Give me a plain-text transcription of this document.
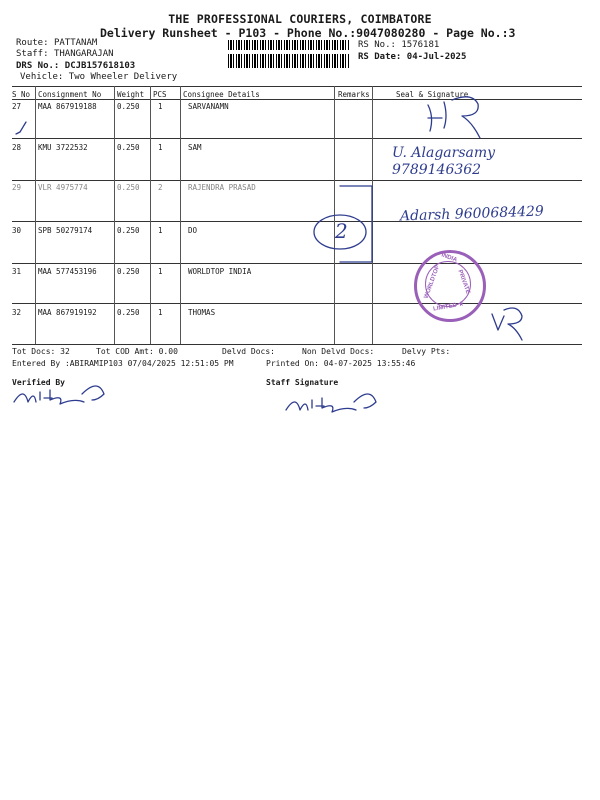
THE PROFESSIONAL COURIERS, COIMBATORE
Delivery Runsheet - P103 - Phone No.:9047080280 - Page No.:3
Route: PATTANAM
Staff: THANGARAJAN
DRS No.: DCJB157618103
Vehicle: Two Wheeler Delivery
RS No.: 1576181
RS Date: 04-Jul-2025
S No Consignment No Weight PCS Consignee Details	Remarks	Seal & Signature
27 MAA 867919188	0.250 1	SARVANAMN
28 KMU 3722532	0.250 1	SAM
29 VLR 4975774	0.250 2	RAJENDRA PRASAD
30 SPB 50279174	0.250 1	DO
31 MAA 577453196	0.250 1	WORLDTOP INDIA
32 MAA 867919192	0.250 1	THOMAS
Tot Docs: 32	Tot COD Amt: 0.00	Delvd Docs:	Non Delvd Docs:	Delvy Pts:
Entered By :ABIRAMIP103 07/04/2025 12:51:05 PM	Printed On: 04-07-2025 13:55:46
Verified By	Staff Signature
U. Alagarsamy
9789146362
Adarsh 9600684429
2
WORLDTOP
INDIA
PRIVATE
LIMITED ★
